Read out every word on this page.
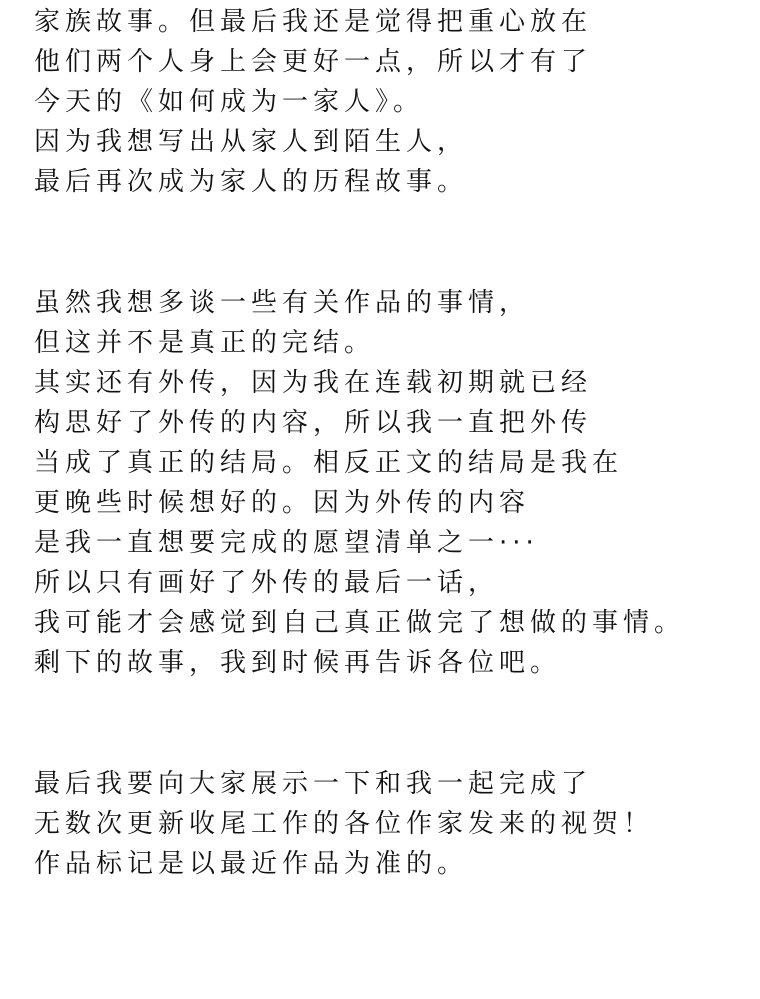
家族故事。但最后我还是觉得把重心放在
他们两个人身上会更好一点，所以才有了
今天的《如何成为一家人》。
因为我想写出从家人到陌生人，
最后再次成为家人的历程故事。
虽然我想多谈一些有关作品的事情，
但这并不是真正的完结。
其实还有外传，因为我在连载初期就已经
构思好了外传的内容，所以我一直把外传
当成了真正的结局。相反正文的结局是我在
更晚些时候想好的。因为外传的内容
是我一直想要完成的愿望清单之一···
所以只有画好了外传的最后一话，
我可能才会感觉到自己真正做完了想做的事情。
剩下的故事，我到时候再告诉各位吧。
最后我要向大家展示一下和我一起完成了
无数次更新收尾工作的各位作家发来的视贺！
作品标记是以最近作品为准的。
